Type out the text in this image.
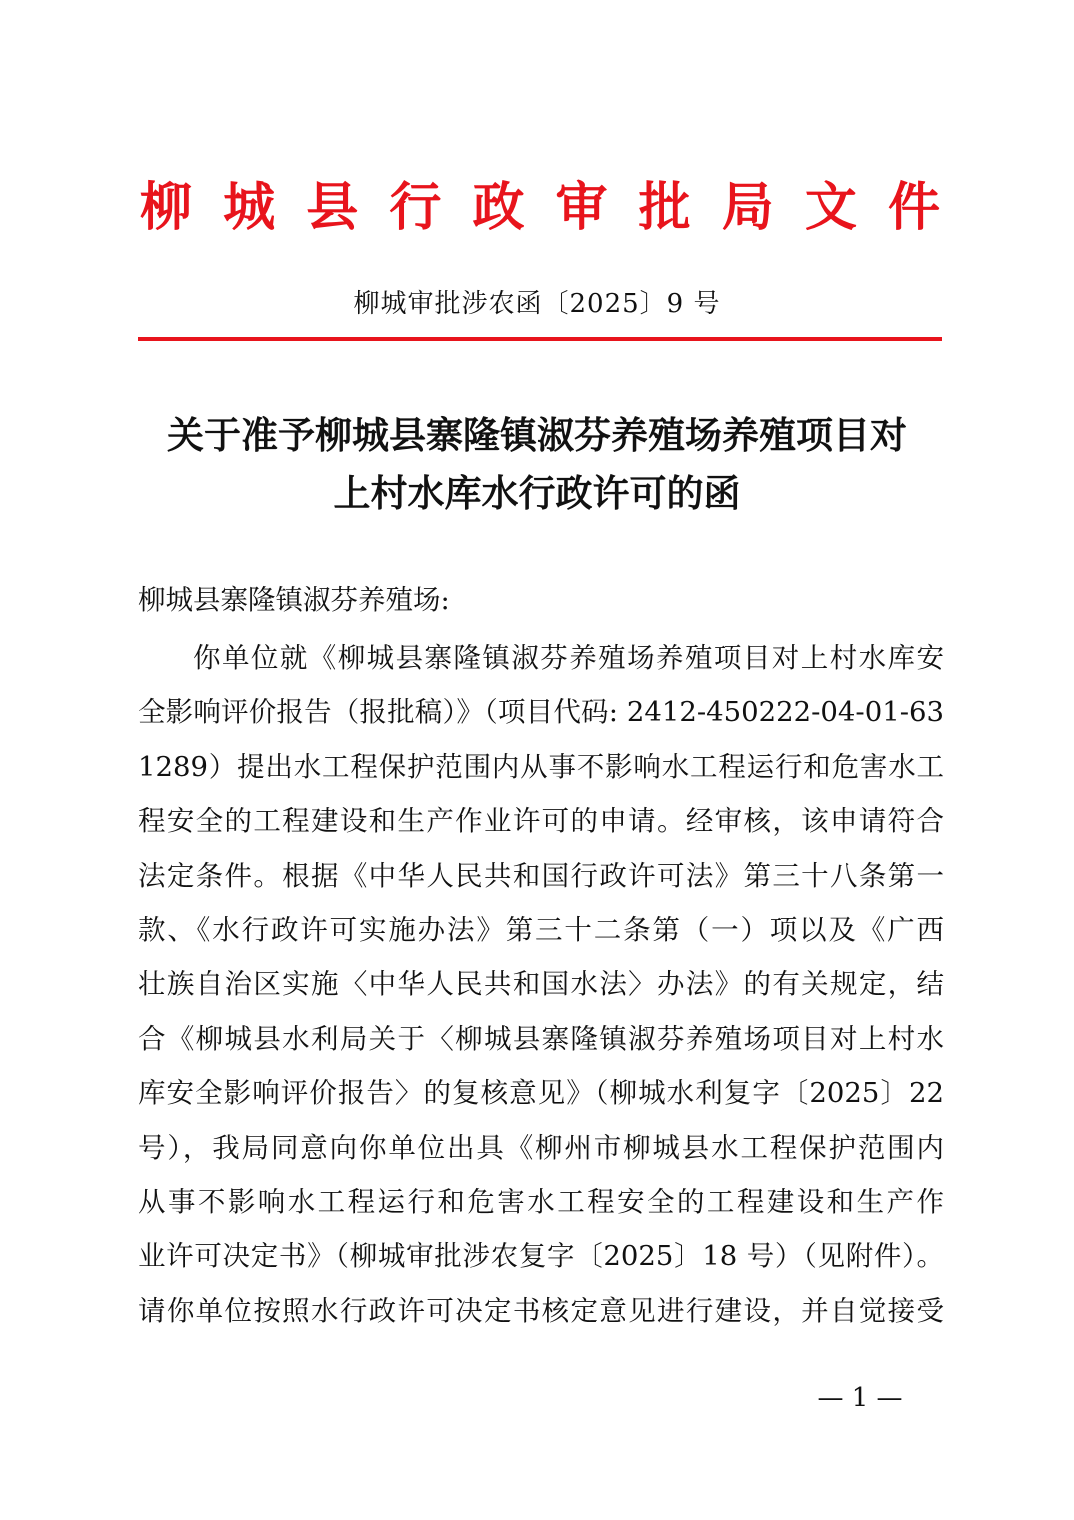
柳 城 县 行 政 审 批 局 文 件
柳城审批涉农函〔2025〕9 号
关于准予柳城县寨隆镇淑芬养殖场养殖项目对
上村水库水行政许可的函
柳城县寨隆镇淑芬养殖场:
你单位就《柳城县寨隆镇淑芬养殖场养殖项目对上村水库安
全影响评价报告（报批稿）》（项目代码: 2412-450222-04-01-63
1289）提出水工程保护范围内从事不影响水工程运行和危害水工
程安全的工程建设和生产作业许可的申请。经审核，该申请符合
法定条件。根据《中华人民共和国行政许可法》第三十八条第一
款、《水行政许可实施办法》第三十二条第（一）项以及《广西
壮族自治区实施〈中华人民共和国水法〉办法》的有关规定，结
合《柳城县水利局关于〈柳城县寨隆镇淑芬养殖场项目对上村水
库安全影响评价报告〉的复核意见》（柳城水利复字〔2025〕22
号），我局同意向你单位出具《柳州市柳城县水工程保护范围内
从事不影响水工程运行和危害水工程安全的工程建设和生产作
业许可决定书》（柳城审批涉农复字〔2025〕18 号）（见附件）。
请你单位按照水行政许可决定书核定意见进行建设，并自觉接受
— 1 —
